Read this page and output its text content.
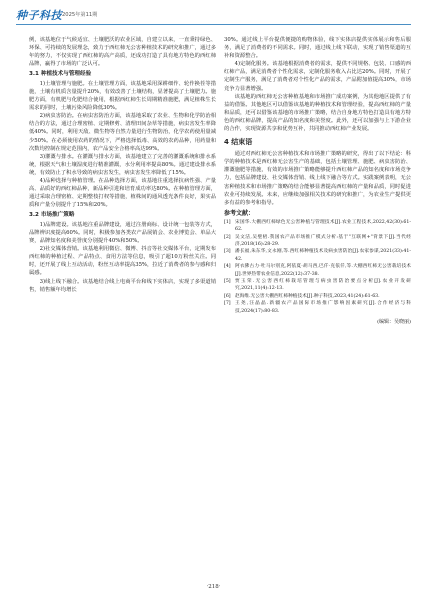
种子科技 2025年第11期

例，该基地位于气候适宜、土壤肥沃的农业区域，自建立以来，一直秉持绿色、环保、可持续的发展理念，致力于西红柿无公害种植技术的研究和推广，通过多年的努力，不仅实现了西红柿的高产高质，还成功打造了具有地方特色的西红柿品牌，赢得了市场的广泛认可。

3.1 种植技术与管理经验

1)土壤管理与施肥。在土壤管理方面，该基地采用深耕细作、轮作换茬等措施，土壤有机质含量提升20%，有效改善了土壤结构，显著提高了土壤肥力。施肥方面，有机肥与化肥结合使用，根据西红柿生长周期精准施肥，满足植株生长需求的同时，土壤污染风险降低30%。

2)病虫害防治。在病虫害防治方面，该基地采取了农业、生物和化学防治相结合的方法，通过合理密植、定期修剪、清理田间杂草等措施，病虫害发生率降低40%。同时，利用天敌、微生物等自然力量进行生物防治，化学农药使用量减少50%。在必须使用农药的情况下，严格选择低毒、高效的农药品种，用药量和次数均控制在规定范围内，农产品安全合格率高达99%。

3)灌溉与排水。在灌溉与排水方面，该基地建立了完善的灌溉系统和排水系统，根据天气和土壤湿度进行精准灌溉，水分利用率提高80%。通过建设排水系统，有效防止了积水导致的病虫害发生，病虫害发生率降低了15%。

4)品种选择与种植管理。在品种选择方面，该基地注重选择抗病性强、产量高、品质好的西红柿品种，新品种引进和培育成功率达80%。在种植管理方面，通过采取合理密植、定期整枝打杈等措施，植株间的通风透光条件良好，果实品质和产量分别提升了15%和20%。

3.2 市场推广策略

1)品牌建设。该基地注重品牌建设，通过注册商标、设计统一包装等方式，品牌辨识度提高60%。同时，积极参加各类农产品展销会、农业博览会、单品大赛，品牌知名度和美誉度分别提升40%和50%。

2)社交媒体营销。该基地利用微信、微博、抖音等社交媒体平台，定期发布西红柿的种植过程、产品特点、食用方法等信息，吸引了超10万粉丝关注。同时，还开展了线上互动活动，粉丝互动率提高35%，拉近了消费者的参与感和归属感。

3)线上线下融合。该基地结合线上电商平台和线下实体店，实现了多渠道销售，销售额年均增长

30%。通过线上平台提供便捷的购物体验，线下实体店提供实体展示和售后服务，满足了消费者的不同需求。同时，通过线上线下联动，实现了销售渠道的互补和资源整合。

4)定制化服务。该基地根据消费者的需求，提供不同规格、包装、口感的西红柿产品，满足消费者个性化需求，定制化服务收入占比达20%。同时，开展了定制生产服务，满足了消费者对个性化产品的需求，产品附加值提高30%，市场竞争力显著增强。

该基地的西红柿无公害种植基地和市场推广成功案例，为其他地区提供了有益的借鉴。其他地区可以借鉴该基地的种植技术和管理经验，提高西红柿的产量和品质，还可以借鉴该基地的市场推广策略，结合自身地方特色打造具有地方特色的西红柿品牌，提高产品的知名度和美誉度。此外，还可以加强与上下游企业的合作，实现资源共享和优势互补，共同推动西红柿产业发展。

4 结束语

通过对西红柿无公害种植技术和市场推广策略的研究，得出了以下结论：科学的种植技术是西红柿无公害生产的基础，包括土壤管理、施肥、病虫害防治、灌溉施肥等措施，有效的市场推广策略能够提升西红柿产品的知名度和市场竞争力，包括品牌建设、社交媒体营销、线上线下融合等方式。实践案例表明，无公害种植技术和市场推广策略的结合能够显著提高西红柿的产量和品质，同时促进农业可持续发展。未来，应继续加强相关技术的研究和推广，为农业生产提供更多有益的参考和指导。

参考文献：
[1] 宋国华.大棚西红柿绿色无公害种植与管理技术[J].农业工程技术,2022,42(30):61-62.
[2] 吴文洁,吴璧梧.我国农产品市场推广模式分析:基于"互联网+"背景下[J].当代经济,2018(16):28-29.
[3] 潘长福,朱东华,文永刚,等.西红柿种植技术及病虫害防治[J].农家参谋,2021(33):41-42.
[4] 阿衣佛古力·吐马尔别克,阿依夏·胡马西,巴仟·克依仟,等.大棚西红柿无公害栽培技术[J].世界热带农业信息,2022(12):37-38.
[5] 贾玉荣.无公害西红柿栽培管理与病虫害防治要点分析[J].农业开发研究,2021,11(4):12-13.
[6] 赵海维.无公害大棚西红柿种植技术[J].种子科技,2023,41(24):61-63.
[7] 王尧,汪晶晶.新疆农产品国际市场推广影响因素研究[J].合作经济与科技,2024(17):80-83.
(编辑：吴晓丽)
·218·
